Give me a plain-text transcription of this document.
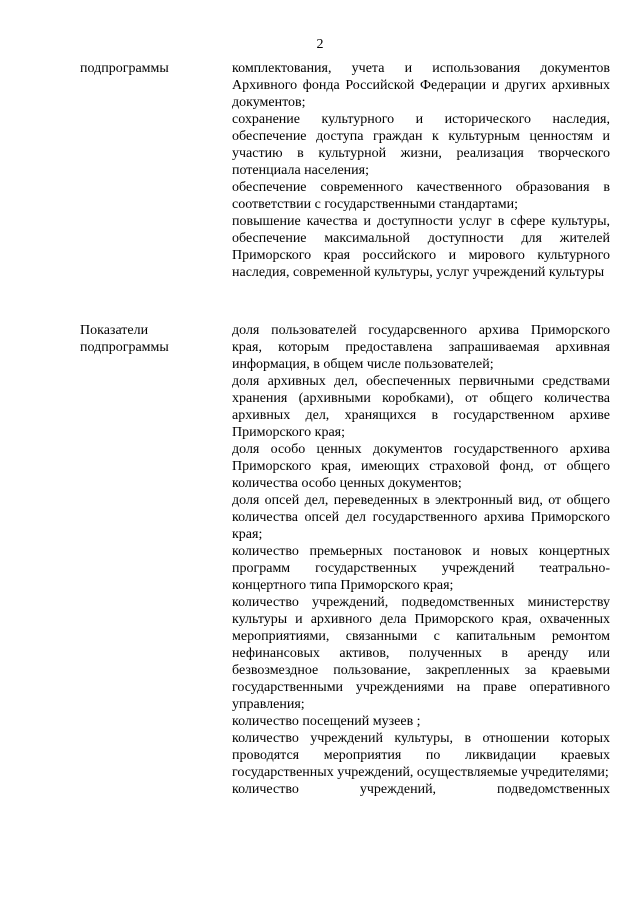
2
подпрограммы	комплектования, учета и использования документов Архивного фонда Российской Федерации и других архивных документов;

сохранение культурного и исторического наследия, обеспечение доступа граждан к культурным ценностям и участию в культурной жизни, реализация творческого потенциала населения;

обеспечение современного качественного образования в соответствии с государственными стандартами;

повышение качества и доступности услуг в сфере культуры, обеспечение максимальной доступности для жителей Приморского края российского и мирового культурного наследия, современной культуры, услуг учреждений культуры

Показатели
подпрограммы

доля пользователей государсвенного архива Приморского края, которым предоставлена запрашиваемая архивная информация, в общем числе пользователей;

доля архивных дел, обеспеченных первичными средствами хранения (архивными коробками), от общего количества архивных дел, хранящихся в государственном архиве Приморского края;

доля особо ценных документов государственного архива Приморского края, имеющих страховой фонд, от общего количества особо ценных документов;

доля опсей дел, переведенных в электронный вид, от общего количества опсей дел государственного архива Приморского края;

количество премьерных постановок и новых концертных программ государственных учреждений театрально-концертного типа Приморского края;

количество учреждений, подведомственных министерству культуры и архивного дела Приморского края, охваченных мероприятиями, связанными с капитальным ремонтом нефинансовых активов, полученных в аренду или безвозмездное пользование, закрепленных за краевыми государственными учреждениями на праве оперативного управления;

количество посещений музеев ;

количество учреждений культуры, в отношении которых проводятся мероприятия по ликвидации краевых государственных учреждений, осуществляемые учредителями;

количество учреждений, подведомственных
